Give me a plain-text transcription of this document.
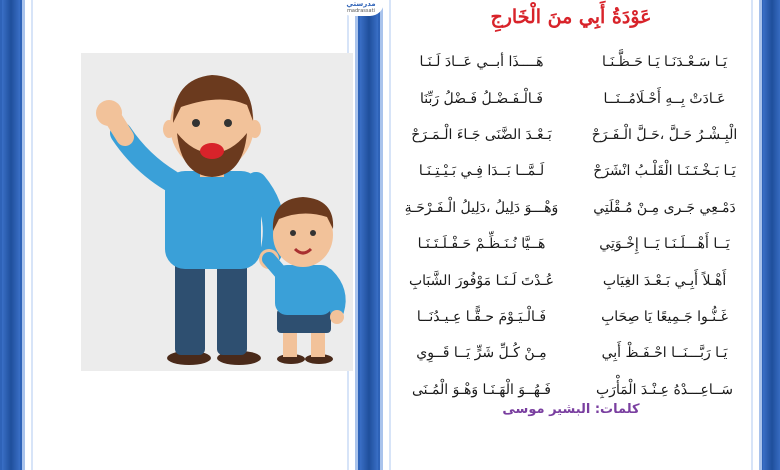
مدرستي
madrassati	عَوْدَةُ أَبِي منَ الْخَارجِ
يَـا سَـعْـدَنَـا يَـا حَـظَّـنَـا
هَــــذَا أبــي عَــادَ لَـنَـا
عَـادَتْ بِــهِ أَحْـلَامُــنَــا
فَـالْـفَـضْـلُ فَـضْلُ رَبِّنَا
الْبِـشْـرُ حَـلَّ ،حَـلَّ الْـفَـرَحْ
بَـعْـدَ الضَّنَى جَـاءَ الْـمَـرَحْ
يَـا بَـخْـتَـنَـا الْقَلْـبُ انْشَرَحْ
لَـمَّــا بَــدَا فِـي بَـيْـتِـنَـا
دَمْـعِي جَـرى مِـنْ مُـقْلَتِي
وَهْـــوَ دَلِيلُ ،دَلِيلُ الْـفَـرْحَـةِ
يَــا أَهْـــلَـنَـا يَــا إِخْـوَتِي
هَــيَّا نُـنَـظِّـمْ حَـفْـلَـتَـنَـا
أَهْـلاً أَبِـي بَـعْـدَ الغِيَابِ
عُـدْتَ لَـنَـا مَوْفُورَ الشَّبَابِ
غَـنُّـوا جَـمِيعًا يَا صِحَابِ
فَـالْـيَـوْمَ حـقًّـا عِـيـدُنَــا
يَـا رَبَّـــنَــا احْـفَـظْ أَبِي
مِـنْ كُـلِّ شَرٍّ يَــا قَــوِي
سَــاعِـــدْهُ عِـنْـدَ الْمَأْرَبِ
فَـهُــوَ الْهَـنَـا وَهْـوَ الْمُـنَى
كلمات: البشير موسى
